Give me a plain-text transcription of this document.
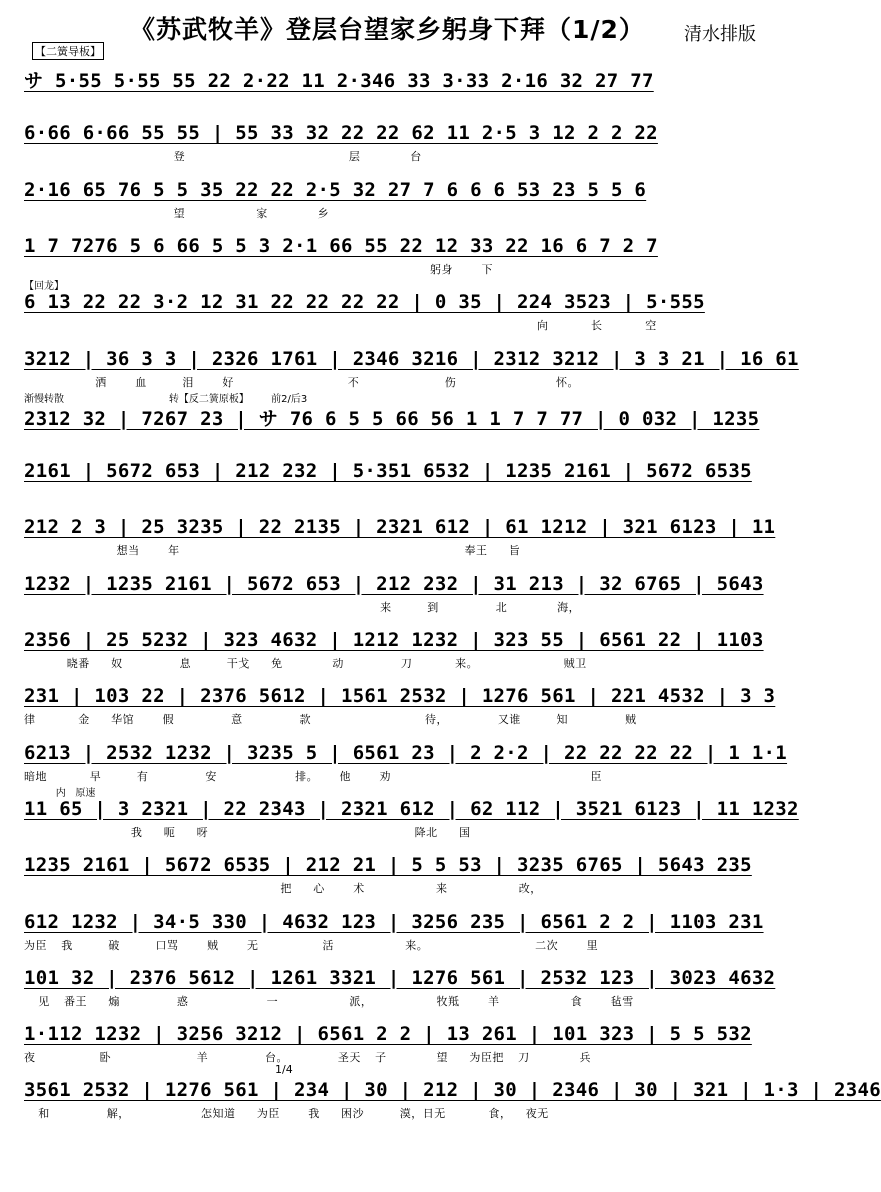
《苏武牧羊》登层台望家乡躬身下拜（1/2） 清水排版
【二簧导板】
サ 5·55 5·55 55 22 2·22 11 2·346 33 3·33 2·16 32 27 77
6·66 6·66 55 55 | 55 33 32 22 22 62 11 2·5 3 12 2 2 22
登                       层       台
2·16 65 76 5 5 35 22 22 2·5 32 27 7 6 6 6 53 23 5 5 6
望          家       乡
1 7 7276 5 6 66 5 5 3 2·1 66 55 22 12 33 22 16 6 7 2 7
躬身    下
【回龙】
6 13 22 22 3·2 12 31 22 22 22 22 | 0 35 | 224 3523 | 5·555
向      长      空
3212 | 36 3 3 | 2326 1761 | 2346 3216 | 2312 3212 | 3 3 21 | 16 61
洒    血     泪    好                不            伤              怀。
渐慢转散                                 转【反二簧原板】       前2/后3
2312 32 | 7267 23 | サ 76 6 5 5 66 56 1 1 7 7 77 | 0 032 | 1235
2161 | 5672 653 | 212 232 | 5·351 6532 | 1235 2161 | 5672 6535
212 2 3 | 25 3235 | 22 2135 | 2321 612 | 61 1212 | 321 6123 | 11
想当    年                                        奉王   旨
1232 | 1235 2161 | 5672 653 | 212 232 | 31 213 | 32 6765 | 5643
来     到        北       海，
2356 | 25 5232 | 323 4632 | 1212 1232 | 323 55 | 6561 22 | 1103
晓番   奴        息     干戈   免       动        刀      来。            贼卫
231 | 103 22 | 2376 5612 | 1561 2532 | 1276 561 | 221 4532 | 3 3
律      金   华馆    假        意        款                待，       又谁     知        贼
6213 | 2532 1232 | 3235 5 | 6561 23 | 2 2·2 | 22 22 22 22 | 1 1·1
暗地      早     有        安           排。   他    劝                            臣
内   原速
11 65 | 3 2321 | 22 2343 | 2321 612 | 62 112 | 3521 6123 | 11 1232
我   呃   呀                             降北   国
1235 2161 | 5672 6535 | 212 21 | 5 5 53 | 3235 6765 | 5643 235
把   心    术          来          改，
612 1232 | 34·5 330 | 4632 123 | 3256 235 | 6561 2 2 | 1103 231
为臣  我     破     口骂    贼    无         活          来。               二次    里
101 32 | 2376 5612 | 1261 3321 | 1276 561 | 2532 123 | 3023 4632
见  番王   煽        惑           一          派，         牧羝    羊          食    毡雪
1·112 1232 | 3256 3212 | 6561 2 2 | 13 261 | 101 323 | 5 5 532
夜         卧            羊        台。       圣天  子       望   为臣把  刀       兵
3561 2532 | 1276 561 | 234 | 30 | 212 | 30 | 2346 | 30 | 321 | 1·3 | 2346
和        解，          怎知道   为臣    我   困沙     漠，日无      食，  夜无
1/4
